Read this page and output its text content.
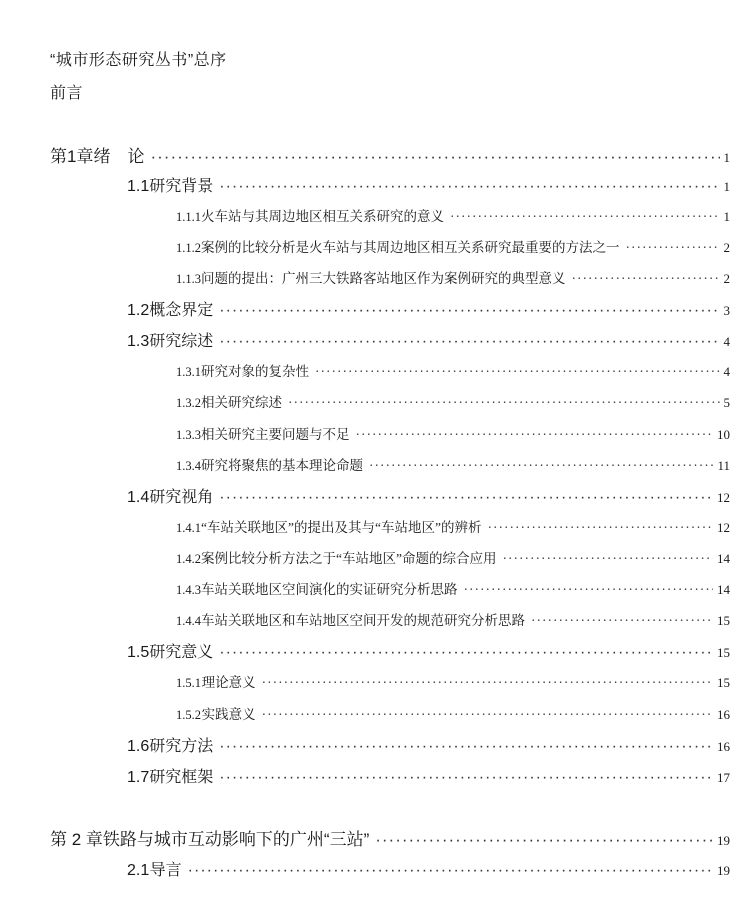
“城市形态研究丛书”总序
前言
第1章 绪　论 ·····	1
1.1 研究背景 ·····	1
1.1.1 火车站与其周边地区相互关系研究的意义 ·····	1
1.1.2 案例的比较分析是火车站与其周边地区相互关系研究最重要的方法之一 ·····	2
1.1.3 问题的提出：广州三大铁路客站地区作为案例研究的典型意义 ·····	2
1.2 概念界定 ·····	3
1.3 研究综述 ·····	4
1.3.1 研究对象的复杂性 ·····	4
1.3.2 相关研究综述 ·····	5
1.3.3 相关研究主要问题与不足 ·····	10
1.3.4 研究将聚焦的基本理论命题 ·····	11
1.4 研究视角 ·····	12
1.4.1 “车站关联地区”的提出及其与“车站地区”的辨析 ·····	12
1.4.2 案例比较分析方法之于“车站地区”命题的综合应用 ·····	14
1.4.3 车站关联地区空间演化的实证研究分析思路 ·····	14
1.4.4 车站关联地区和车站地区空间开发的规范研究分析思路 ·····	15
1.5 研究意义 ·····	15
1.5.1 理论意义 ·····	15
1.5.2 实践意义 ·····	16
1.6 研究方法 ·····	16
1.7 研究框架 ·····	17
第 2 章 铁路与城市互动影响下的广州“三站” ·····	19
2.1 导言 ·····	19
